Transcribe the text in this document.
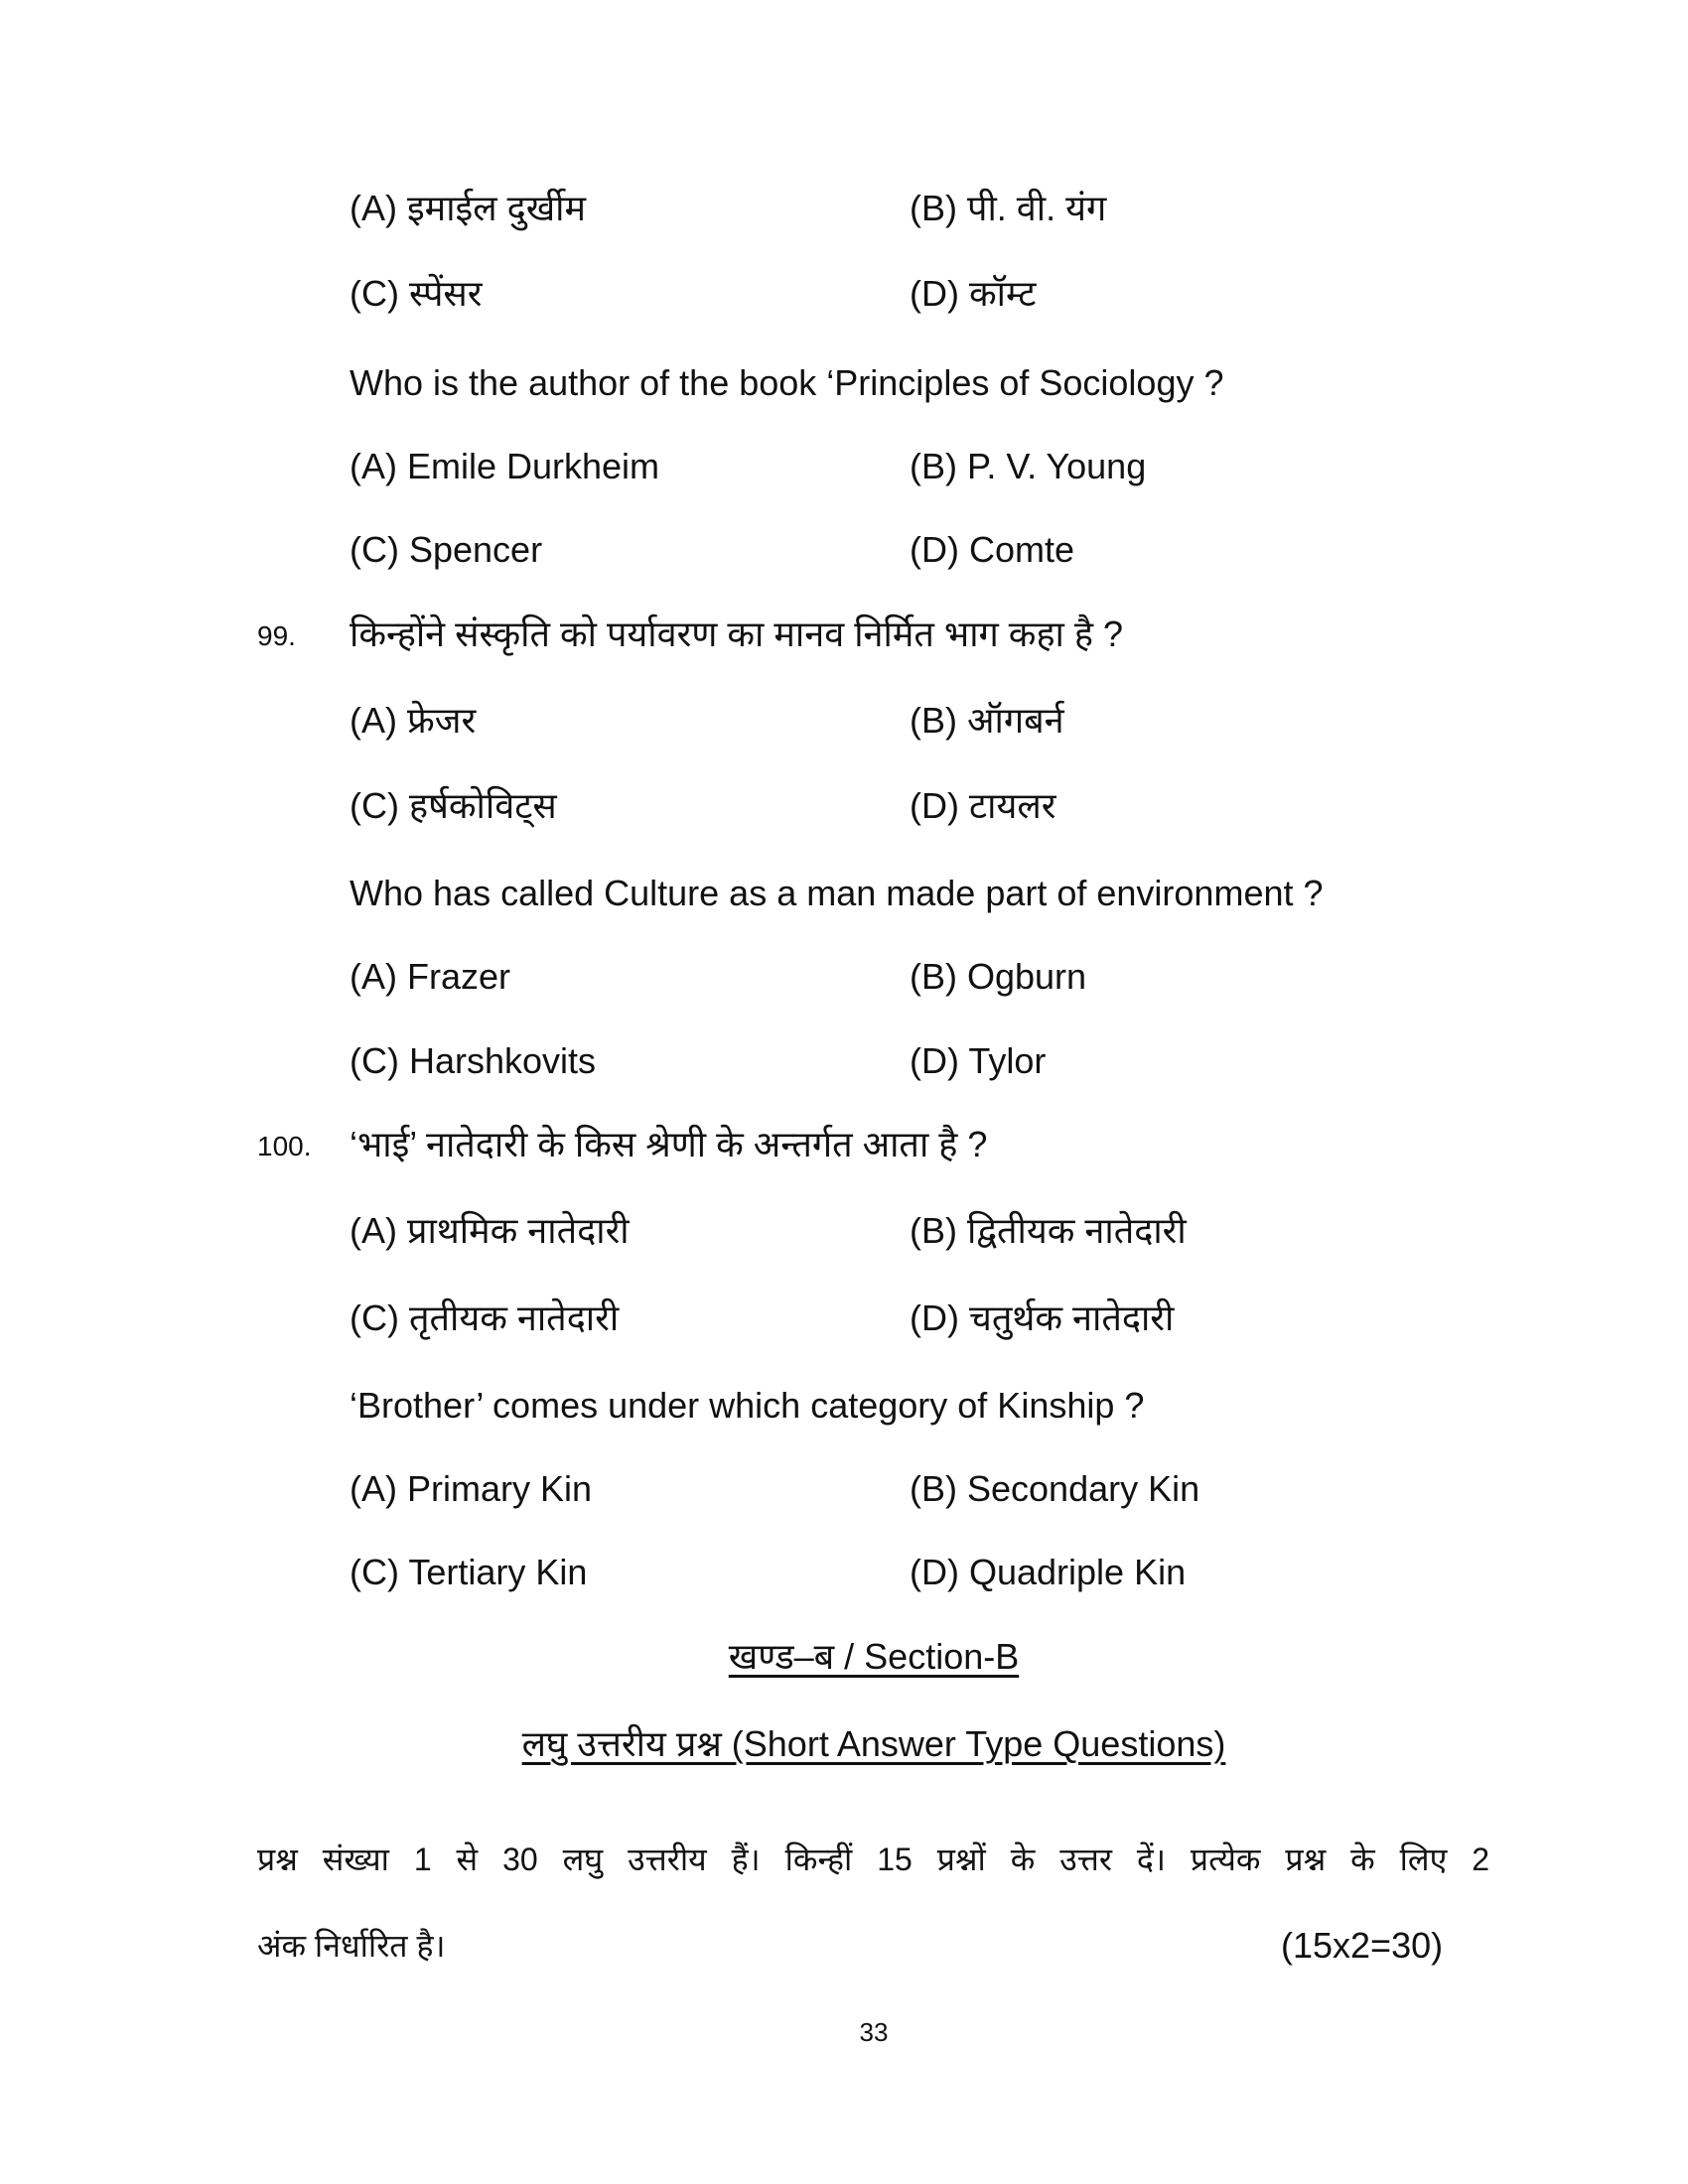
(A) इमाईल दुर्खीम	(B) पी. वी. यंग
(C) स्पेंसर	(D) कॉम्ट
Who is the author of the book ‘Principles of Sociology ?
(A) Emile Durkheim	(B) P. V. Young
(C) Spencer	(D) Comte
99. किन्होंने संस्कृति को पर्यावरण का मानव निर्मित भाग कहा है ?
(A) फ्रेजर	(B) ऑगबर्न
(C) हर्षकोविट्स	(D) टायलर
Who has called Culture as a man made part of environment ?
(A) Frazer	(B) Ogburn
(C) Harshkovits	(D) Tylor
100. ‘भाई’ नातेदारी के किस श्रेणी के अन्तर्गत आता है ?
(A) प्राथमिक नातेदारी	(B) द्वितीयक नातेदारी
(C) तृतीयक नातेदारी	(D) चतुर्थक नातेदारी
‘Brother’ comes under which category of Kinship ?
(A) Primary Kin	(B) Secondary Kin
(C) Tertiary Kin	(D) Quadriple Kin
खण्ड–ब / Section-B
लघु उत्तरीय प्रश्न (Short Answer Type Questions)
प्रश्न संख्या 1 से 30 लघु उत्तरीय हैं। किन्हीं 15 प्रश्नों के उत्तर दें। प्रत्येक प्रश्न के लिए 2
अंक निर्धारित है।	(15x2=30)
33
